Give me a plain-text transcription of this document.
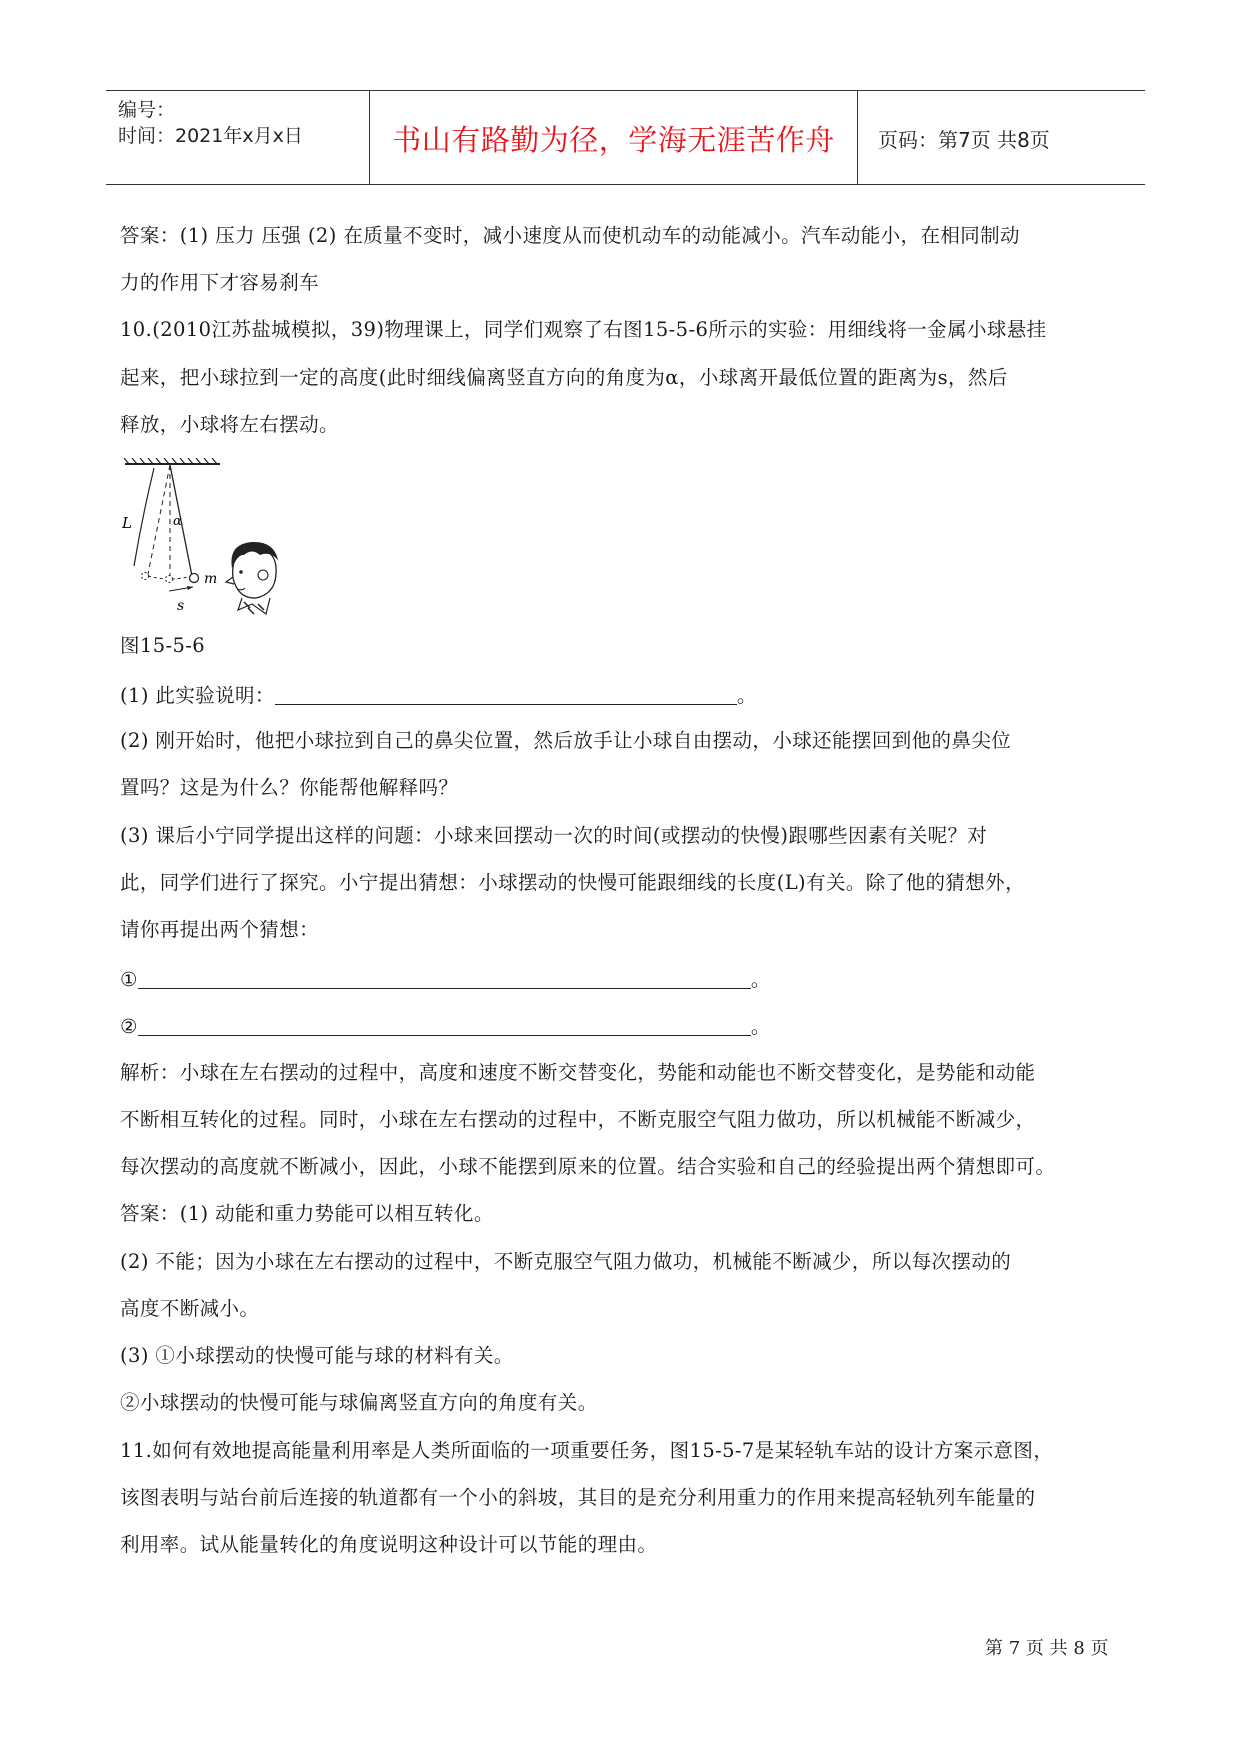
编号：
时间：2021年x月x日	书山有路勤为径，学海无涯苦作舟	页码：第7页 共8页
答案：(1) 压力 压强 (2) 在质量不变时，减小速度从而使机动车的动能减小。汽车动能小，在相同制动
力的作用下才容易刹车
10.(2010江苏盐城模拟，39)物理课上，同学们观察了右图15-5-6所示的实验：用细线将一金属小球悬挂
起来，把小球拉到一定的高度(此时细线偏离竖直方向的角度为α，小球离开最低位置的距离为s，然后
释放，小球将左右摆动。
L	α
m
s
图15-5-6
(1) 此实验说明：	。
(2) 刚开始时，他把小球拉到自己的鼻尖位置，然后放手让小球自由摆动，小球还能摆回到他的鼻尖位
置吗？这是为什么？你能帮他解释吗？
(3) 课后小宁同学提出这样的问题：小球来回摆动一次的时间(或摆动的快慢)跟哪些因素有关呢？对
此，同学们进行了探究。小宁提出猜想：小球摆动的快慢可能跟细线的长度(L)有关。除了他的猜想外，
请你再提出两个猜想：
①	。
②	。
解析：小球在左右摆动的过程中，高度和速度不断交替变化，势能和动能也不断交替变化，是势能和动能
不断相互转化的过程。同时，小球在左右摆动的过程中，不断克服空气阻力做功，所以机械能不断减少，
每次摆动的高度就不断减小，因此，小球不能摆到原来的位置。结合实验和自己的经验提出两个猜想即可。
答案：(1) 动能和重力势能可以相互转化。
(2) 不能；因为小球在左右摆动的过程中，不断克服空气阻力做功，机械能不断减少，所以每次摆动的
高度不断减小。
(3) ①小球摆动的快慢可能与球的材料有关。
②小球摆动的快慢可能与球偏离竖直方向的角度有关。
11.如何有效地提高能量利用率是人类所面临的一项重要任务，图15-5-7是某轻轨车站的设计方案示意图，
该图表明与站台前后连接的轨道都有一个小的斜坡，其目的是充分利用重力的作用来提高轻轨列车能量的
利用率。试从能量转化的角度说明这种设计可以节能的理由。
第 7 页 共 8 页
